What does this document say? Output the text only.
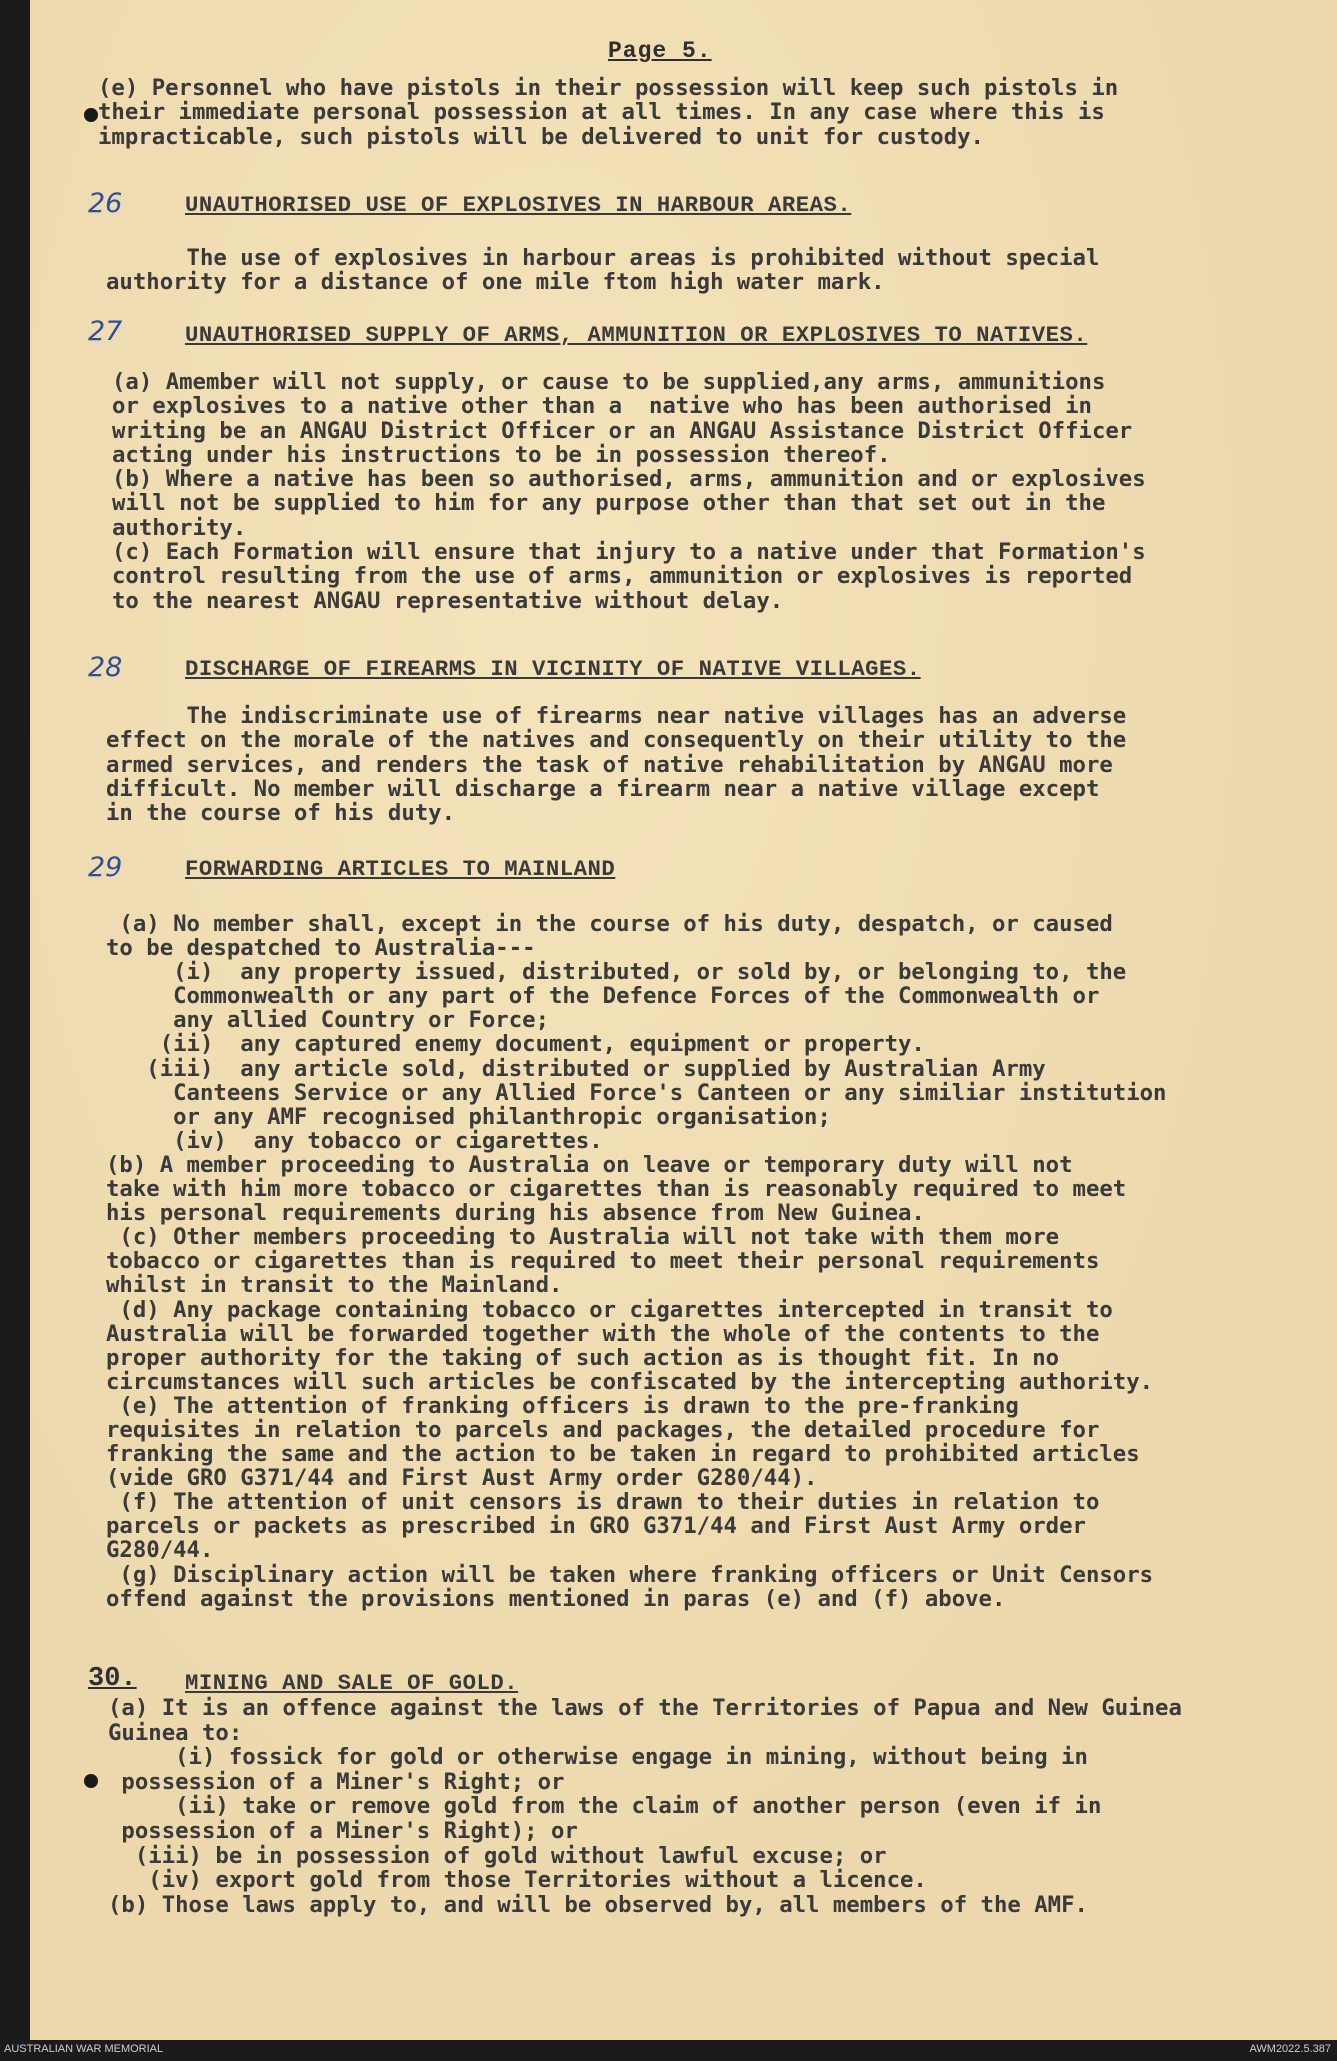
Page 5.
(e) Personnel who have pistols in their possession will keep such pistols in
their immediate personal possession at all times. In any case where this is
impracticable, such pistols will be delivered to unit for custody.
26	UNAUTHORISED USE OF EXPLOSIVES IN HARBOUR AREAS.
The use of explosives in harbour areas is prohibited without special
authority for a distance of one mile ftom high water mark.
27	UNAUTHORISED SUPPLY OF ARMS, AMMUNITION OR EXPLOSIVES TO NATIVES.
(a) Amember will not supply, or cause to be supplied,any arms, ammunitions
or explosives to a native other than a  native who has been authorised in
writing be an ANGAU District Officer or an ANGAU Assistance District Officer
acting under his instructions to be in possession thereof.
(b) Where a native has been so authorised, arms, ammunition and or explosives
will not be supplied to him for any purpose other than that set out in the
authority.
(c) Each Formation will ensure that injury to a native under that Formation's
control resulting from the use of arms, ammunition or explosives is reported
to the nearest ANGAU representative without delay.
28	DISCHARGE OF FIREARMS IN VICINITY OF NATIVE VILLAGES.
The indiscriminate use of firearms near native villages has an adverse
effect on the morale of the natives and consequently on their utility to the
armed services, and renders the task of native rehabilitation by ANGAU more
difficult. No member will discharge a firearm near a native village except
in the course of his duty.
29	FORWARDING ARTICLES TO MAINLAND
(a) No member shall, except in the course of his duty, despatch, or caused
to be despatched to Australia---
(i)  any property issued, distributed, or sold by, or belonging to, the
Commonwealth or any part of the Defence Forces of the Commonwealth or
any allied Country or Force;
(ii)  any captured enemy document, equipment or property.
(iii)  any article sold, distributed or supplied by Australian Army
Canteens Service or any Allied Force's Canteen or any similiar institution
or any AMF recognised philanthropic organisation;
(iv)  any tobacco or cigarettes.
(b) A member proceeding to Australia on leave or temporary duty will not
take with him more tobacco or cigarettes than is reasonably required to meet
his personal requirements during his absence from New Guinea.
(c) Other members proceeding to Australia will not take with them more
tobacco or cigarettes than is required to meet their personal requirements
whilst in transit to the Mainland.
(d) Any package containing tobacco or cigarettes intercepted in transit to
Australia will be forwarded together with the whole of the contents to the
proper authority for the taking of such action as is thought fit. In no
circumstances will such articles be confiscated by the intercepting authority.
(e) The attention of franking officers is drawn to the pre-franking
requisites in relation to parcels and packages, the detailed procedure for
franking the same and the action to be taken in regard to prohibited articles
(vide GRO G371/44 and First Aust Army order G280/44).
(f) The attention of unit censors is drawn to their duties in relation to
parcels or packets as prescribed in GRO G371/44 and First Aust Army order
G280/44.
(g) Disciplinary action will be taken where franking officers or Unit Censors
offend against the provisions mentioned in paras (e) and (f) above.
30. MINING AND SALE OF GOLD.
(a) It is an offence against the laws of the Territories of Papua and New Guinea
Guinea to:
(i) fossick for gold or otherwise engage in mining, without being in
possession of a Miner's Right; or
(ii) take or remove gold from the claim of another person (even if in
possession of a Miner's Right); or
(iii) be in possession of gold without lawful excuse; or
(iv) export gold from those Territories without a licence.
(b) Those laws apply to, and will be observed by, all members of the AMF.
AUSTRALIAN WAR MEMORIAL	AWM2022.5.387
